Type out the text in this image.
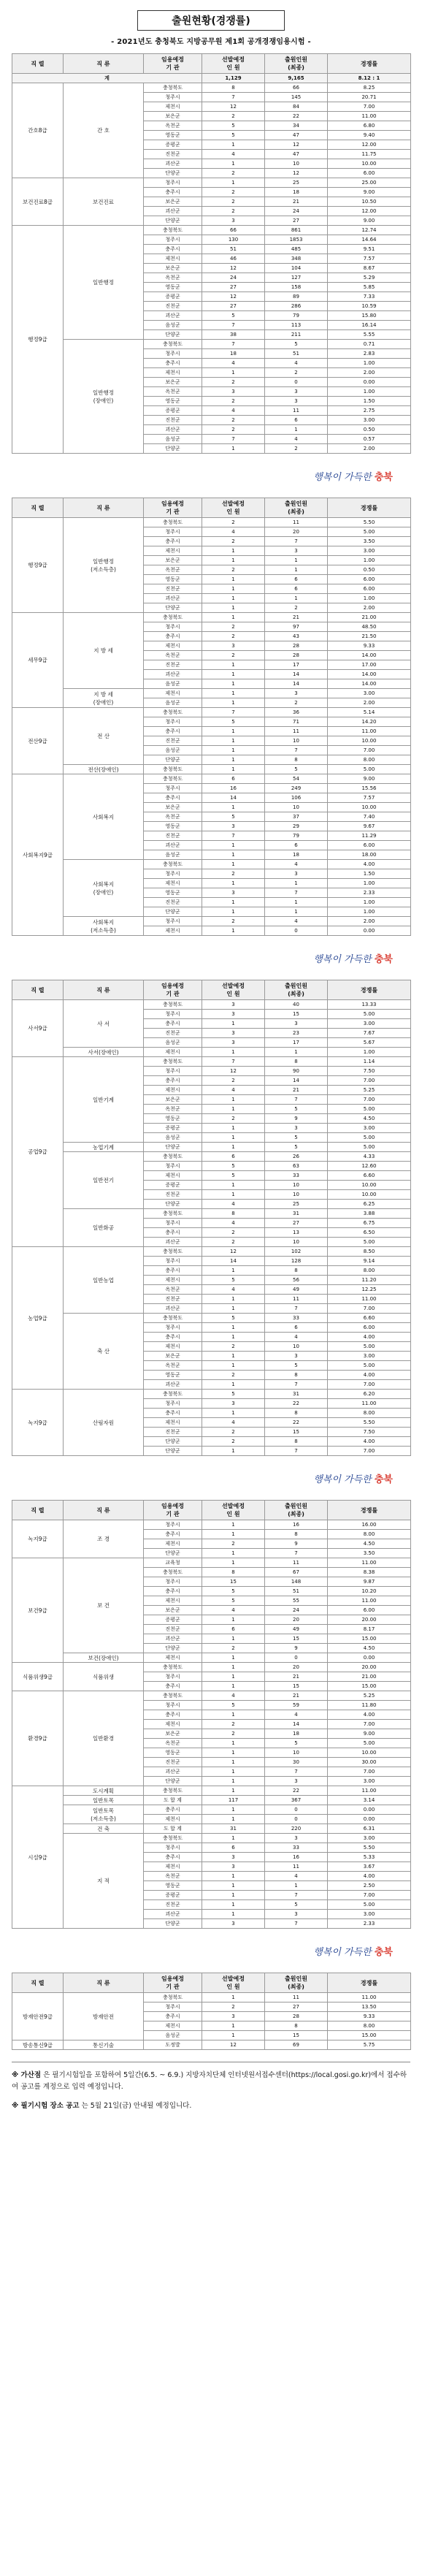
출원현황(경쟁률)
- 2021년도 충청북도 지방공무원 제1회 공개경쟁임용시험 -
직 렬	직 류	임용예정
기 관	선발예정
인 원	출원인원
(최종)	경쟁률
계			1,129	9,165	8.12 : 1
간호8급	간 호	충청북도	8	66	8.25
		청주시	7	145	20.71
		제천시	12	84	7.00
		보은군	2	22	11.00
		옥천군	5	34	6.80
		영동군	5	47	9.40
		증평군	1	12	12.00
		진천군	4	47	11.75
		괴산군	1	10	10.00
		단양군	2	12	6.00
보건진료8급	보건진료	청주시	1	25	25.00
		충주시	2	18	9.00
		보은군	2	21	10.50
		괴산군	2	24	12.00
		단양군	3	27	9.00
행정9급	일반행정	충청북도	66	861	12.74
		청주시	130	1853	14.64
		충주시	51	485	9.51
		제천시	46	348	7.57
		보은군	12	104	8.67
		옥천군	24	127	5.29
		영동군	27	158	5.85
		증평군	12	89	7.33
		진천군	27	286	10.59
		괴산군	5	79	15.80
		음성군	7	113	16.14
		단양군	38	211	5.55
	일반행정
(장애인)	충청북도	7	5	0.71
		청주시	18	51	2.83
		충주시	4	4	1.00
		제천시	1	2	2.00
		보은군	2	0	0.00
		옥천군	3	3	1.00
		영동군	2	3	1.50
		증평군	4	11	2.75
		진천군	2	6	3.00
		괴산군	2	1	0.50
		음성군	7	4	0.57
		단양군	1	2	2.00
행복이 가득한 충북
직 렬	직 류	임용예정
기 관	선발예정
인 원	출원인원
(최종)	경쟁률
행정9급	일반행정
(저소득층)	충청북도	2	11	5.50
		청주시	4	20	5.00
		충주시	2	7	3.50
		제천시	1	3	3.00
		보은군	1	1	1.00
		옥천군	2	1	0.50
		영동군	1	6	6.00
		진천군	1	6	6.00
		괴산군	1	1	1.00
		단양군	1	2	2.00
세무9급	지 방 세	충청북도	1	21	21.00
		청주시	2	97	48.50
		충주시	2	43	21.50
		제천시	3	28	9.33
		옥천군	2	28	14.00
		진천군	1	17	17.00
		괴산군	1	14	14.00
		음성군	1	14	14.00
	지 방 세
(장애인)	제천시	1	3	3.00
		음성군	1	2	2.00
전산9급	전 산	충청북도	7	36	5.14
		청주시	5	71	14.20
		충주시	1	11	11.00
		진천군	1	10	10.00
		음성군	1	7	7.00
		단양군	1	8	8.00
	전산(장애인)	충청북도	1	5	5.00
사회복지9급	사회복지	충청북도	6	54	9.00
		청주시	16	249	15.56
		충주시	14	106	7.57
		보은군	1	10	10.00
		옥천군	5	37	7.40
		영동군	3	29	9.67
		진천군	7	79	11.29
		괴산군	1	6	6.00
		음성군	1	18	18.00
	사회복지
(장애인)	충청북도	1	4	4.00
		청주시	2	3	1.50
		제천시	1	1	1.00
		영동군	3	7	2.33
		진천군	1	1	1.00
		단양군	1	1	1.00
	사회복지
(저소득층)	청주시	2	4	2.00
		제천시	1	0	0.00
행복이 가득한 충북
직 렬	직 류	임용예정
기 관	선발예정
인 원	출원인원
(최종)	경쟁률
사서9급	사 서	충청북도	3	40	13.33
		청주시	3	15	5.00
		충주시	1	3	3.00
		진천군	3	23	7.67
		음성군	3	17	5.67
	사서(장애인)	제천시	1	1	1.00
공업9급	일반기계	충청북도	7	8	1.14
		청주시	12	90	7.50
		충주시	2	14	7.00
		제천시	4	21	5.25
		보은군	1	7	7.00
		옥천군	1	5	5.00
		영동군	2	9	4.50
		증평군	1	3	3.00
		음성군	1	5	5.00
	농업기계	단양군	1	5	5.00
	일반전기	충청북도	6	26	4.33
		청주시	5	63	12.60
		제천시	5	33	6.60
		증평군	1	10	10.00
		진천군	1	10	10.00
		단양군	4	25	6.25
	일반화공	충청북도	8	31	3.88
		청주시	4	27	6.75
		충주시	2	13	6.50
		괴산군	2	10	5.00
농업9급	일반농업	충청북도	12	102	8.50
		청주시	14	128	9.14
		충주시	1	8	8.00
		제천시	5	56	11.20
		옥천군	4	49	12.25
		진천군	1	11	11.00
		괴산군	1	7	7.00
	축 산	충청북도	5	33	6.60
		청주시	1	6	6.00
		충주시	1	4	4.00
		제천시	2	10	5.00
		보은군	1	3	3.00
		옥천군	1	5	5.00
		영동군	2	8	4.00
		괴산군	1	7	7.00
녹지9급	산림자원	충청북도	5	31	6.20
		청주시	3	22	11.00
		충주시	1	8	8.00
		제천시	4	22	5.50
		진천군	2	15	7.50
		단양군	2	8	4.00
		단양군	1	7	7.00
행복이 가득한 충북
직 렬	직 류	임용예정
기 관	선발예정
인 원	출원인원
(최종)	경쟁률
녹지9급	조 경	청주시	1	16	16.00
		충주시	1	8	8.00
		제천시	2	9	4.50
		단양군	1	7	3.50
보건9급	보 건	교육청	1	11	11.00
		충청북도	8	67	8.38
		청주시	15	148	9.87
		충주시	5	51	10.20
		제천시	5	55	11.00
		보은군	4	24	6.00
		증평군	1	20	20.00
		진천군	6	49	8.17
		괴산군	1	15	15.00
		단양군	2	9	4.50
	보건(장애인)	제천시	1	0	0.00
식품위생9급	식품위생	충청북도	1	20	20.00
		청주시	1	21	21.00
		충주시	1	15	15.00
환경9급	일반환경	충청북도	4	21	5.25
		청주시	5	59	11.80
		충주시	1	4	4.00
		제천시	2	14	7.00
		보은군	2	18	9.00
		옥천군	1	5	5.00
		영동군	1	10	10.00
		진천군	1	30	30.00
		괴산군	1	7	7.00
		단양군	1	3	3.00
시설9급	도시계획	충청북도	1	22	11.00
	일반토목	도 합 계	117	367	3.14
	일반토목
(저소득층)	충주시	1	0	0.00
		제천시	1	0	0.00
	건 축	도 합 계	31	220	6.31
	지 적	충청북도	1	3	3.00
		청주시	6	33	5.50
		충주시	3	16	5.33
		제천시	3	11	3.67
		옥천군	1	4	4.00
		영동군	1	1	2.50
		증평군	1	7	7.00
		진천군	1	5	5.00
		괴산군	1	3	3.00
		단양군	3	7	2.33
행복이 가득한 충북
직 렬	직 류	임용예정
기 관	선발예정
인 원	출원인원
(최종)	경쟁률
방재안전9급	방재안전	충청북도	1	11	11.00
		청주시	2	27	13.50
		충주시	3	28	9.33
		제천시	1	8	8.00
		음성군	1	15	15.00
방송통신9급	통신기술	도정발	12	69	5.75

※ 가산점 은 필기시험일을 포함하여 5일간(6.5. ~ 6.9.) 지방자치단체 인터넷원서접수센터(https://local.gosi.go.kr)에서 접수하여 공고를 계정으로 입력 예정입니다.

※ 필기시험 장소 공고 는 5월 21일(금) 안내될 예정입니다.
